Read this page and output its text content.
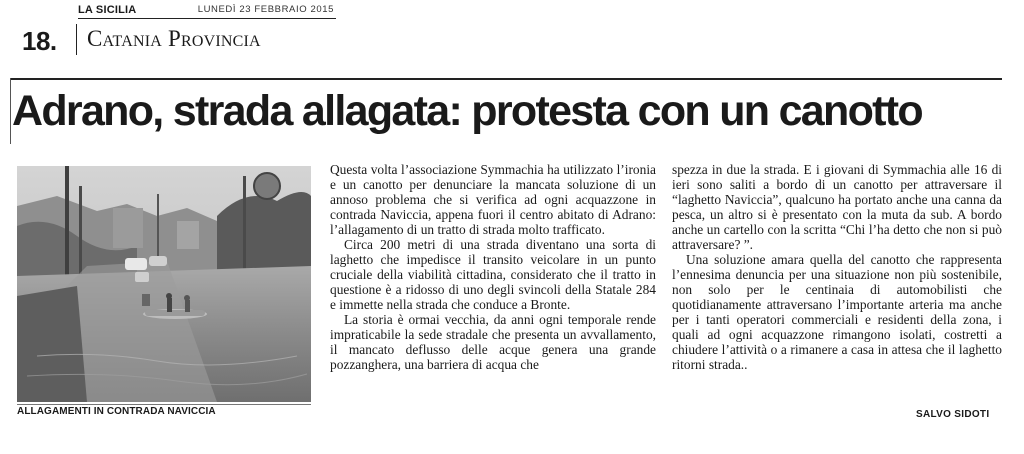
LA SICILIA	LUNEDÌ 23 FEBBRAIO 2015
18. Catania Provincia
Adrano, strada allagata: protesta con un canotto
ALLAGAMENTI IN CONTRADA NAVICCIA

Questa volta l’associazione Symmachia ha utilizzato l’ironia e un canotto per denunciare la mancata soluzione di un annoso problema che si verifica ad ogni acquazzone in contrada Naviccia, appena fuori il centro abitato di Adrano: l’allagamento di un tratto di strada molto trafficato.

Circa 200 metri di una strada diventano una sorta di laghetto che impedisce il transito veicolare in un punto cruciale della viabilità cittadina, considerato che il tratto in questione è a ridosso di uno degli svincoli della Statale 284 e immette nella strada che conduce a Bronte.

La storia è ormai vecchia, da anni ogni temporale rende impraticabile la sede stradale che presenta un avvallamento, il mancato deflusso delle acque genera una grande pozzanghera, una barriera di acqua che

spezza in due la strada. E i giovani di Symmachia alle 16 di ieri sono saliti a bordo di un canotto per attraversare il “laghetto Naviccia”, qualcuno ha portato anche una canna da pesca, un altro si è presentato con la muta da sub. A bordo anche un cartello con la scritta “Chi l’ha detto che non si può attraversare? ”.

Una soluzione amara quella del canotto che rappresenta l’ennesima denuncia per una situazione non più sostenibile, non solo per le centinaia di automobilisti che quotidianamente attraversano l’importante arteria ma anche per i tanti operatori commerciali e residenti della zona, i quali ad ogni acquazzone rimangono isolati, costretti a chiudere l’attività o a rimanere a casa in attesa che il laghetto ritorni strada..

SALVO SIDOTI
